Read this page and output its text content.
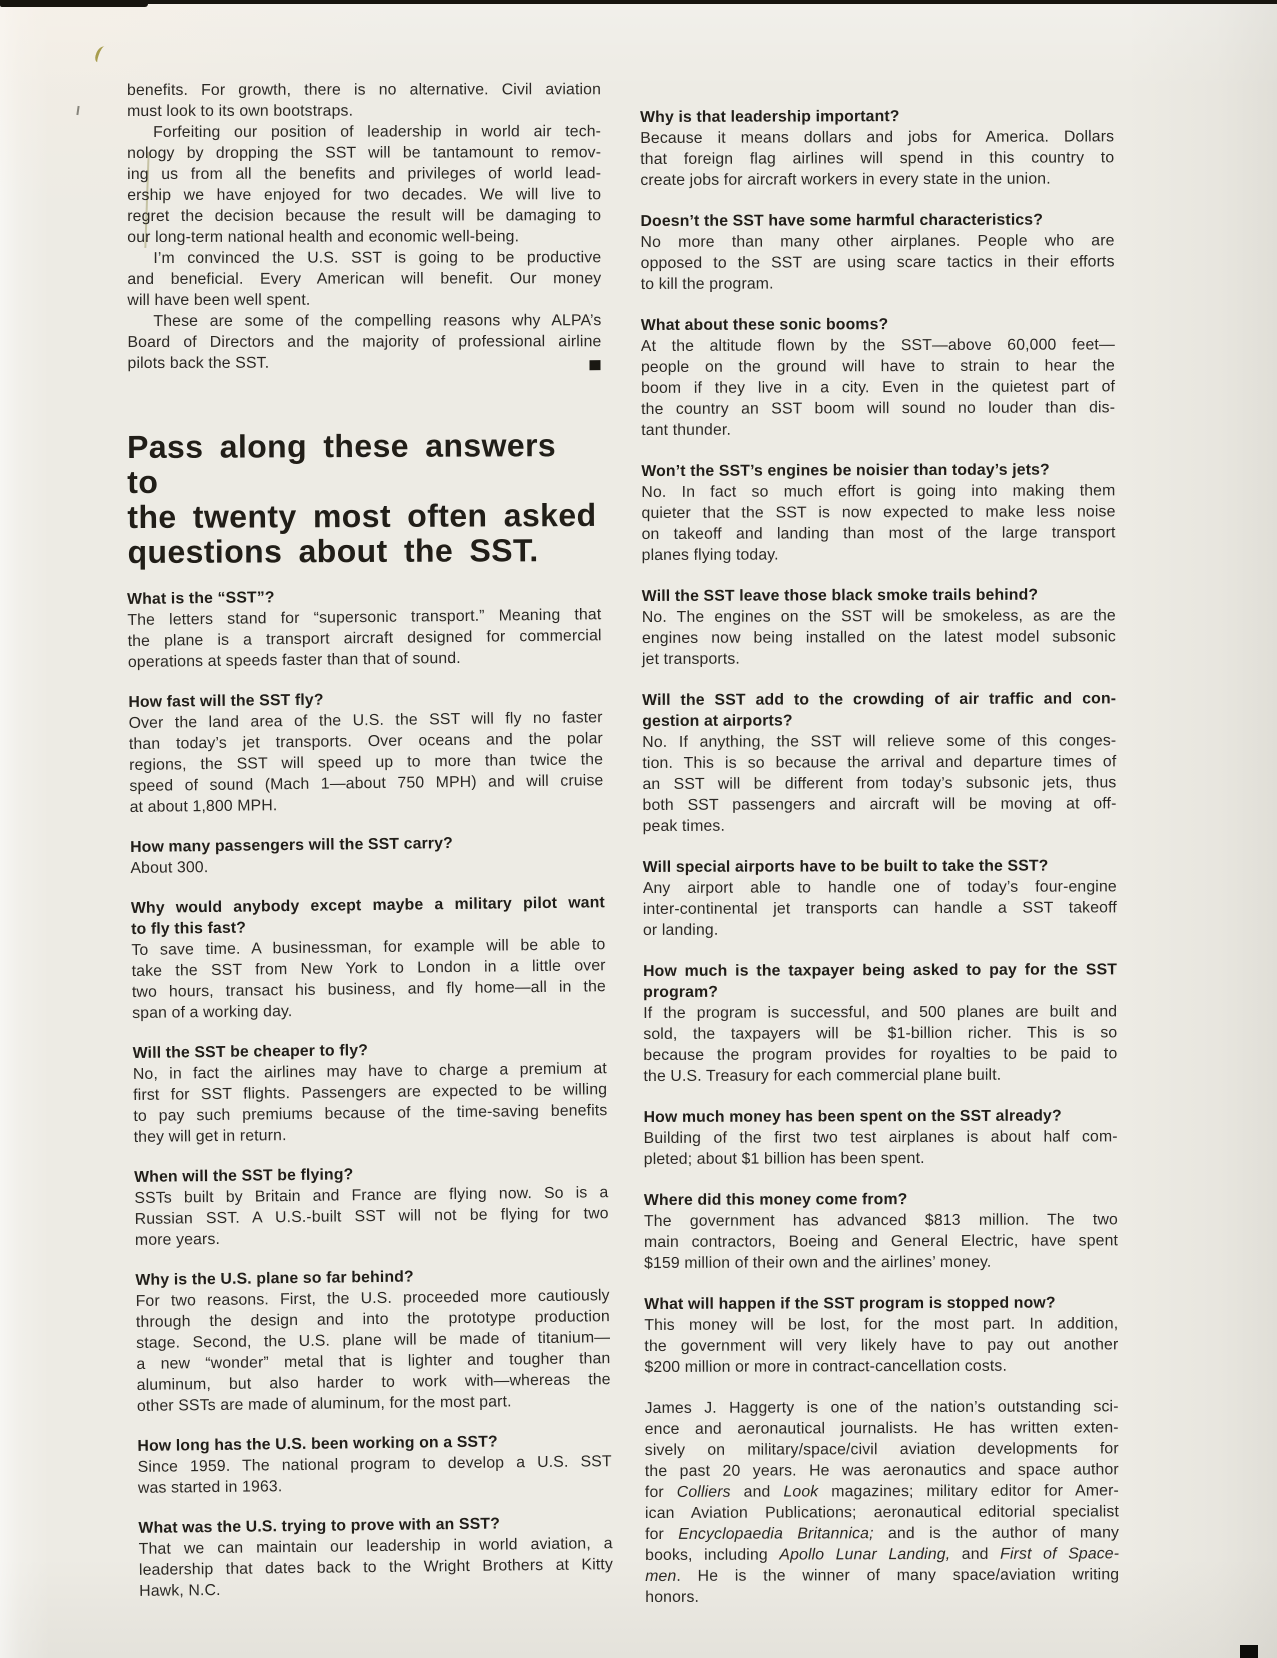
benefits. For growth, there is no alternative. Civil aviation
must look to its own bootstraps.
Forfeiting our position of leadership in world air tech-
nology by dropping the SST will be tantamount to remov-
ing us from all the benefits and privileges of world lead-
ership we have enjoyed for two decades. We will live to
regret the decision because the result will be damaging to
our long-term national health and economic well-being.
I’m convinced the U.S. SST is going to be productive
and beneficial. Every American will benefit. Our money
will have been well spent.
These are some of the compelling reasons why ALPA’s
Board of Directors and the majority of professional airline
pilots back the SST.
Pass along these answers to
the twenty most often asked
questions about the SST.
What is the “SST”?
The letters stand for “supersonic transport.” Meaning that
the plane is a transport aircraft designed for commercial
operations at speeds faster than that of sound.
How fast will the SST fly?
Over the land area of the U.S. the SST will fly no faster
than today’s jet transports. Over oceans and the polar
regions, the SST will speed up to more than twice the
speed of sound (Mach 1—about 750 MPH) and will cruise
at about 1,800 MPH.
How many passengers will the SST carry?
About 300.
Why would anybody except maybe a military pilot want
to fly this fast?
To save time. A businessman, for example will be able to
take the SST from New York to London in a little over
two hours, transact his business, and fly home—all in the
span of a working day.
Will the SST be cheaper to fly?
No, in fact the airlines may have to charge a premium at
first for SST flights. Passengers are expected to be willing
to pay such premiums because of the time-saving benefits
they will get in return.
When will the SST be flying?
SSTs built by Britain and France are flying now. So is a
Russian SST. A U.S.-built SST will not be flying for two
more years.
Why is the U.S. plane so far behind?
For two reasons. First, the U.S. proceeded more cautiously
through the design and into the prototype production
stage. Second, the U.S. plane will be made of titanium—
a new “wonder” metal that is lighter and tougher than
aluminum, but also harder to work with—whereas the
other SSTs are made of aluminum, for the most part.
How long has the U.S. been working on a SST?
Since 1959. The national program to develop a U.S. SST
was started in 1963.
What was the U.S. trying to prove with an SST?
That we can maintain our leadership in world aviation, a
leadership that dates back to the Wright Brothers at Kitty
Hawk, N.C.
Why is that leadership important?
Because it means dollars and jobs for America. Dollars
that foreign flag airlines will spend in this country to
create jobs for aircraft workers in every state in the union.
Doesn’t the SST have some harmful characteristics?
No more than many other airplanes. People who are
opposed to the SST are using scare tactics in their efforts
to kill the program.
What about these sonic booms?
At the altitude flown by the SST—above 60,000 feet—
people on the ground will have to strain to hear the
boom if they live in a city. Even in the quietest part of
the country an SST boom will sound no louder than dis-
tant thunder.
Won’t the SST’s engines be noisier than today’s jets?
No. In fact so much effort is going into making them
quieter that the SST is now expected to make less noise
on takeoff and landing than most of the large transport
planes flying today.
Will the SST leave those black smoke trails behind?
No. The engines on the SST will be smokeless, as are the
engines now being installed on the latest model subsonic
jet transports.
Will the SST add to the crowding of air traffic and con-
gestion at airports?
No. If anything, the SST will relieve some of this conges-
tion. This is so because the arrival and departure times of
an SST will be different from today’s subsonic jets, thus
both SST passengers and aircraft will be moving at off-
peak times.
Will special airports have to be built to take the SST?
Any airport able to handle one of today’s four-engine
inter-continental jet transports can handle a SST takeoff
or landing.
How much is the taxpayer being asked to pay for the SST
program?
If the program is successful, and 500 planes are built and
sold, the taxpayers will be $1-billion richer. This is so
because the program provides for royalties to be paid to
the U.S. Treasury for each commercial plane built.
How much money has been spent on the SST already?
Building of the first two test airplanes is about half com-
pleted; about $1 billion has been spent.
Where did this money come from?
The government has advanced $813 million. The two
main contractors, Boeing and General Electric, have spent
$159 million of their own and the airlines’ money.
What will happen if the SST program is stopped now?
This money will be lost, for the most part. In addition,
the government will very likely have to pay out another
$200 million or more in contract-cancellation costs.
James J. Haggerty is one of the nation’s outstanding sci-
ence and aeronautical journalists. He has written exten-
sively on military/space/civil aviation developments for
the past 20 years. He was aeronautics and space author
for Colliers and Look magazines; military editor for Amer-
ican Aviation Publications; aeronautical editorial specialist
for Encyclopaedia Britannica; and is the author of many
books, including Apollo Lunar Landing, and First of Space-
men. He is the winner of many space/aviation writing
honors.
